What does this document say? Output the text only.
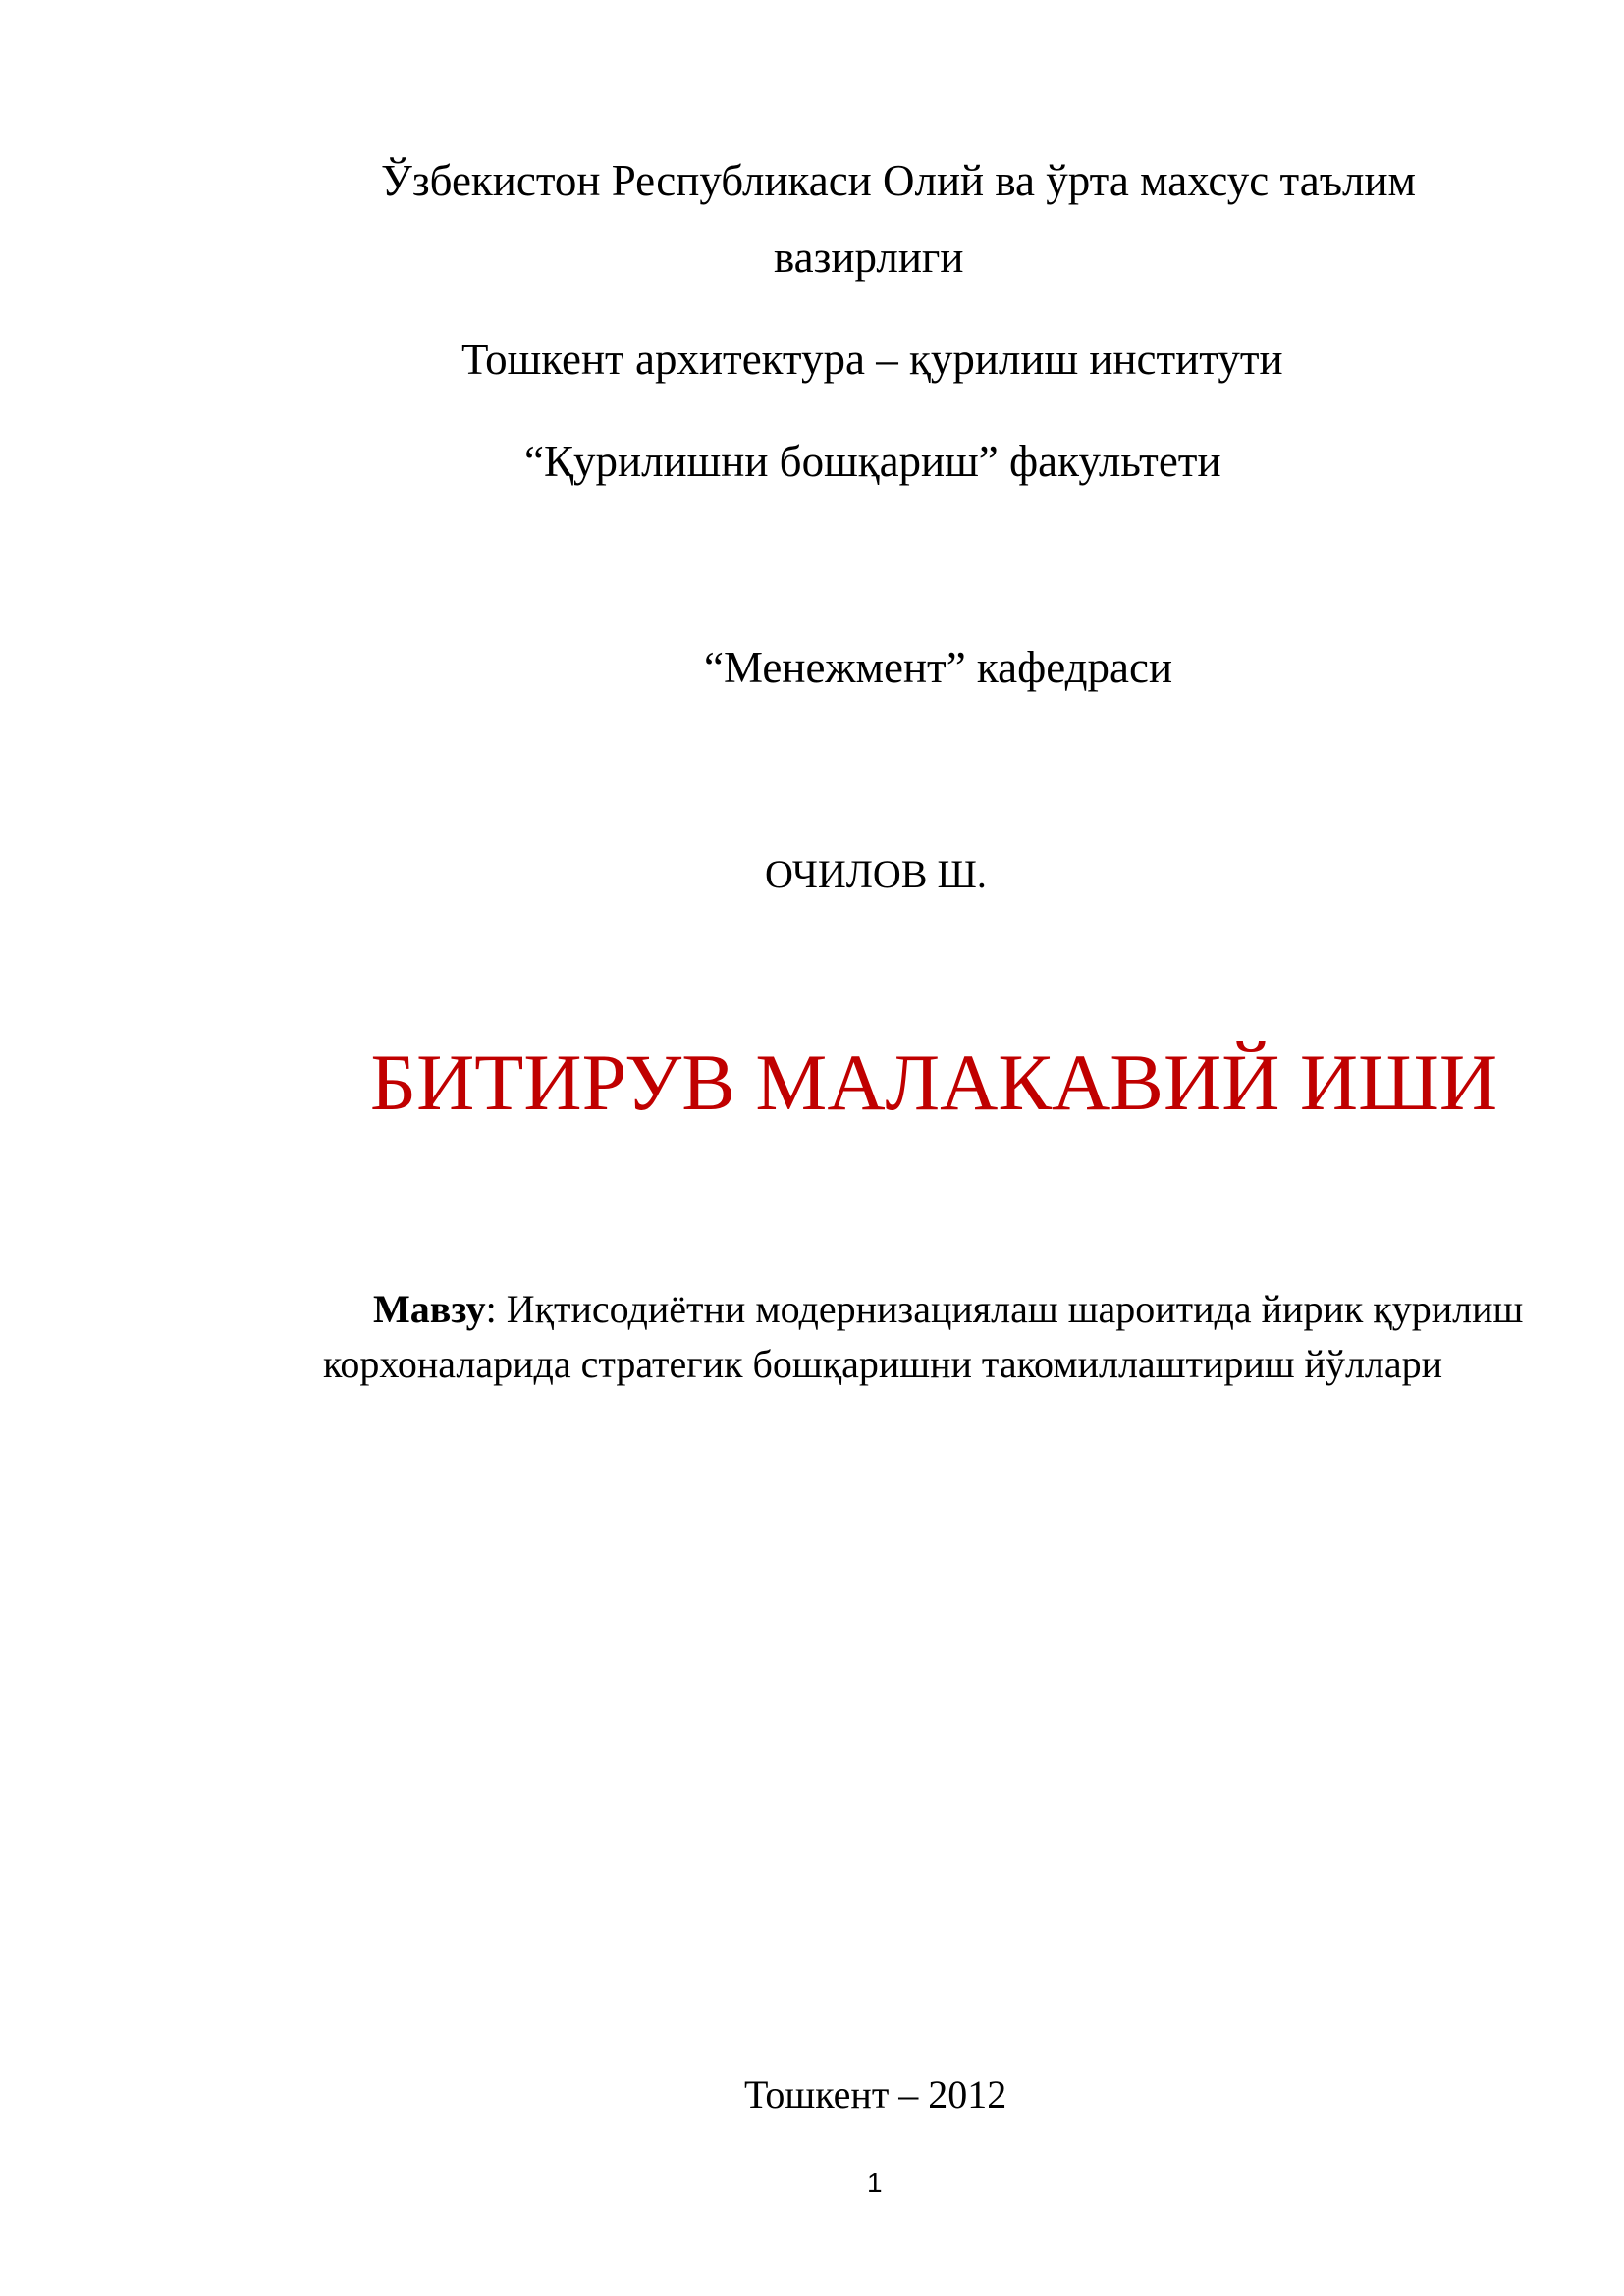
Ўзбекистон Республикаси Олий ва ўрта махсус таълим
вазирлиги
Тошкент архитектура – қурилиш институти
“Қурилишни бошқариш” факультети
“Менежмент” кафедраси
ОЧИЛОВ Ш.
БИТИРУВ МАЛАКАВИЙ ИШИ
Мавзу: Иқтисодиётни модернизациялаш шароитида йирик қурилиш
корхоналарида стратегик бошқаришни такомиллаштириш йўллари
Тошкент – 2012
1
